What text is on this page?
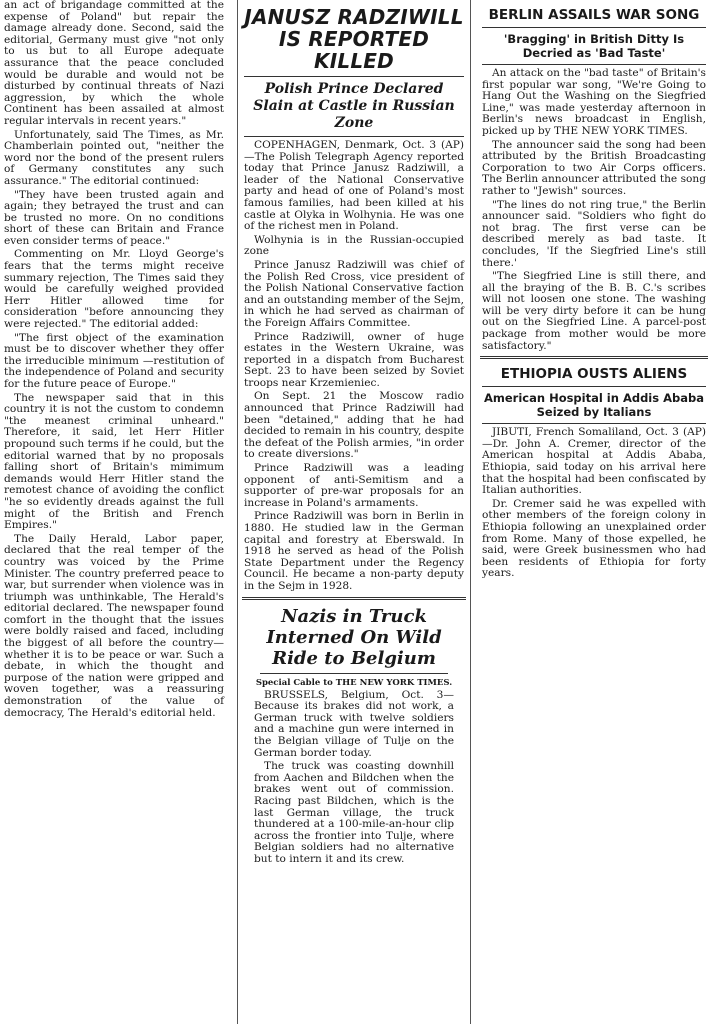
an act of brigandage committed at the expense of Poland" but repair the damage already done. Second, said the editorial, Germany must give "not only to us but to all Europe adequate assurance that the peace concluded would be durable and would not be disturbed by continual threats of Nazi aggression, by which the whole Continent has been assailed at almost regular intervals in recent years."

Unfortunately, said The Times, as Mr. Chamberlain pointed out, "neither the word nor the bond of the present rulers of Germany constitutes any such assurance." The editorial continued:

"They have been trusted again and again; they betrayed the trust and can be trusted no more. On no conditions short of these can Britain and France even consider terms of peace."

Commenting on Mr. Lloyd George's fears that the terms might receive summary rejection, The Times said they would be carefully weighed provided Herr Hitler allowed time for consideration "before announcing they were rejected." The editorial added:

"The first object of the examination must be to discover whether they offer the irreducible minimum —restitution of the independence of Poland and security for the future peace of Europe."

The newspaper said that in this country it is not the custom to condemn "the meanest criminal unheard." Therefore, it said, let Herr Hitler propound such terms if he could, but the editorial warned that by no proposals falling short of Britain's mimimum demands would Herr Hitler stand the remotest chance of avoiding the conflict "he so evidently dreads against the full might of the British and French Empires."

The Daily Herald, Labor paper, declared that the real temper of the country was voiced by the Prime Minister. The country preferred peace to war, but surrender when violence was in triumph was unthinkable, The Herald's editorial declared. The newspaper found comfort in the thought that the issues were boldly raised and faced, including the biggest of all before the country—whether it is to be peace or war. Such a debate, in which the thought and purpose of the nation were gripped and woven together, was a reassuring demonstration of the value of democracy, The Herald's editorial held.

JANUSZ RADZIWILL IS REPORTED KILLED
Polish Prince Declared Slain at Castle in Russian Zone

COPENHAGEN, Denmark, Oct. 3 (AP)—The Polish Telegraph Agency reported today that Prince Janusz Radziwill, a leader of the National Conservative party and head of one of Poland's most famous families, had been killed at his castle at Olyka in Wolhynia. He was one of the richest men in Poland.

Wolhynia is in the Russian-occupied zone

Prince Janusz Radziwill was chief of the Polish Red Cross, vice president of the Polish National Conservative faction and an outstanding member of the Sejm, in which he had served as chairman of the Foreign Affairs Committee.

Prince Radziwill, owner of huge estates in the Western Ukraine, was reported in a dispatch from Bucharest Sept. 23 to have been seized by Soviet troops near Krzemieniec.

On Sept. 21 the Moscow radio announced that Prince Radziwill had been "detained," adding that he had decided to remain in his country, despite the defeat of the Polish armies, "in order to create diversions."

Prince Radziwill was a leading opponent of anti-Semitism and a supporter of pre-war proposals for an increase in Poland's armaments.

Prince Radziwill was born in Berlin in 1880. He studied law in the German capital and forestry at Eberswald. In 1918 he served as head of the Polish State Department under the Regency Council. He became a non-party deputy in the Sejm in 1928.

Nazis in Truck Interned On Wild Ride to Belgium
Special Cable to THE NEW YORK TIMES.

BRUSSELS, Belgium, Oct. 3—Because its brakes did not work, a German truck with twelve soldiers and a machine gun were interned in the Belgian village of Tulje on the German border today.

The truck was coasting downhill from Aachen and Bildchen when the brakes went out of commission. Racing past Bildchen, which is the last German village, the truck thundered at a 100-mile-an-hour clip across the frontier into Tulje, where Belgian soldiers had no alternative but to intern it and its crew.

BERLIN ASSAILS WAR SONG
'Bragging' in British Ditty Is Decried as 'Bad Taste'

An attack on the "bad taste" of Britain's first popular war song, "We're Going to Hang Out the Washing on the Siegfried Line," was made yesterday afternoon in Berlin's news broadcast in English, picked up by THE NEW YORK TIMES.

The announcer said the song had been attributed by the British Broadcasting Corporation to two Air Corps officers. The Berlin announcer attributed the song rather to "Jewish" sources.

"The lines do not ring true," the Berlin announcer said. "Soldiers who fight do not brag. The first verse can be described merely as bad taste. It concludes, 'If the Siegfried Line's still there.'

"The Siegfried Line is still there, and all the braying of the B. B. C.'s scribes will not loosen one stone. The washing will be very dirty before it can be hung out on the Siegfried Line. A parcel-post package from mother would be more satisfactory."

ETHIOPIA OUSTS ALIENS
American Hospital in Addis Ababa Seized by Italians

JIBUTI, French Somaliland, Oct. 3 (AP)—Dr. John A. Cremer, director of the American hospital at Addis Ababa, Ethiopia, said today on his arrival here that the hospital had been confiscated by Italian authorities.

Dr. Cremer said he was expelled with other members of the foreign colony in Ethiopia following an unexplained order from Rome. Many of those expelled, he said, were Greek businessmen who had been residents of Ethiopia for forty years.
